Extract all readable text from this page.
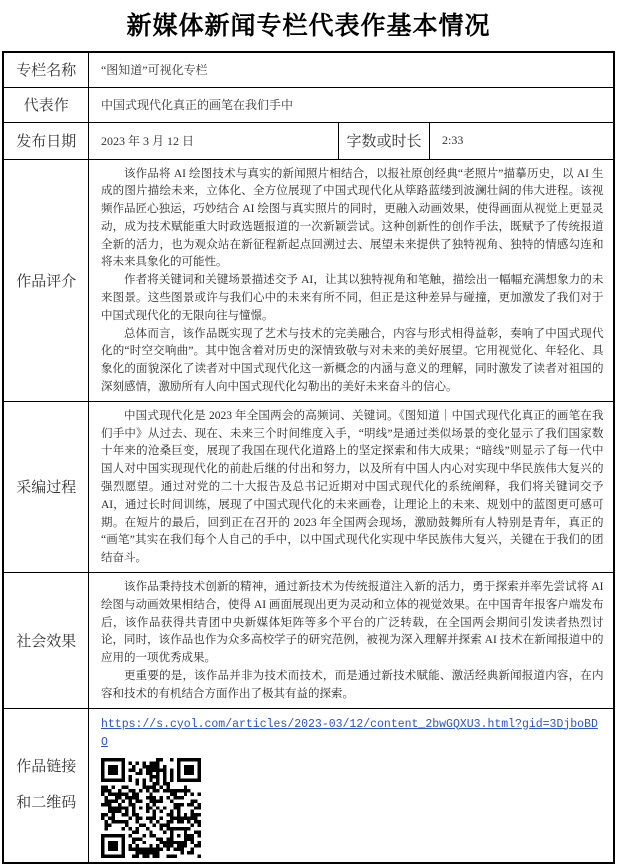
新媒体新闻专栏代表作基本情况
专栏名称	“图知道”可视化专栏		
代表作	中国式现代化真正的画笔在我们手中		
发布日期	2023 年 3 月 12 日	字数或时长	2:33
作品评介	该作品将 AI 绘图技术与真实的新闻照片相结合，以报社原创经典“老照片”描摹历史，以 AI 生成的图片描绘未来，立体化、全方位展现了中国式现代化从筚路蓝缕到波澜壮阔的伟大进程。该视频作品匠心独运，巧妙结合 AI 绘图与真实照片的同时，更融入动画效果，使得画面从视觉上更显灵动，成为技术赋能重大时政选题报道的一次新颖尝试。这种创新性的创作手法，既赋予了传统报道全新的活力，也为观众站在新征程新起点回溯过去、展望未来提供了独特视角、独特的情感勾连和将未来具象化的可能性。

作者将关键词和关键场景描述交予 AI，让其以独特视角和笔触，描绘出一幅幅充满想象力的未来图景。这些图景或许与我们心中的未来有所不同，但正是这种差异与碰撞，更加激发了我们对于中国式现代化的无限向往与憧憬。

总体而言，该作品既实现了艺术与技术的完美融合，内容与形式相得益彰，奏响了中国式现代化的“时空交响曲”。其中饱含着对历史的深情致敬与对未来的美好展望。它用视觉化、年轻化、具象化的面貌深化了读者对中国式现代化这一新概念的内涵与意义的理解，同时激发了读者对祖国的深刻感情，激励所有人向中国式现代化勾勒出的美好未来奋斗的信心。		

采编过程	中国式现代化是 2023 年全国两会的高频词、关键词。《图知道｜中国式现代化真正的画笔在我们手中》从过去、现在、未来三个时间维度入手，“明线”是通过类似场景的变化显示了我们国家数十年来的沧桑巨变，展现了我国在现代化道路上的坚定探索和伟大成果；“暗线”则显示了每一代中国人对中国实现现代化的前赴后继的付出和努力，以及所有中国人内心对实现中华民族伟大复兴的强烈愿望。通过对党的二十大报告及总书记近期对中国式现代化的系统阐释，我们将关键词交予 AI，通过长时间训练，展现了中国式现代化的未来画卷，让理论上的未来、规划中的蓝图更可感可期。在短片的最后，回到正在召开的 2023 年全国两会现场，激励鼓舞所有人特别是青年，真正的“画笔”其实在我们每个人自己的手中，以中国式现代化实现中华民族伟大复兴，关键在于我们的团结奋斗。		

社会效果	该作品秉持技术创新的精神，通过新技术为传统报道注入新的活力，勇于探索并率先尝试将 AI 绘图与动画效果相结合，使得 AI 画面展现出更为灵动和立体的视觉效果。在中国青年报客户端发布后，该作品获得共青团中央新媒体矩阵等多个平台的广泛转载，在全国两会期间引发读者热烈讨论，同时，该作品也作为众多高校学子的研究范例，被视为深入理解并探索 AI 技术在新闻报道中的应用的一项优秀成果。

更重要的是，该作品并非为技术而技术，而是通过新技术赋能、激活经典新闻报道内容，在内容和技术的有机结合方面作出了极其有益的探索。		

作品链接
和二维码	https://s.cyol.com/articles/2023-03/12/content_2bwGQXU3.html?gid=3DjboBDO		
